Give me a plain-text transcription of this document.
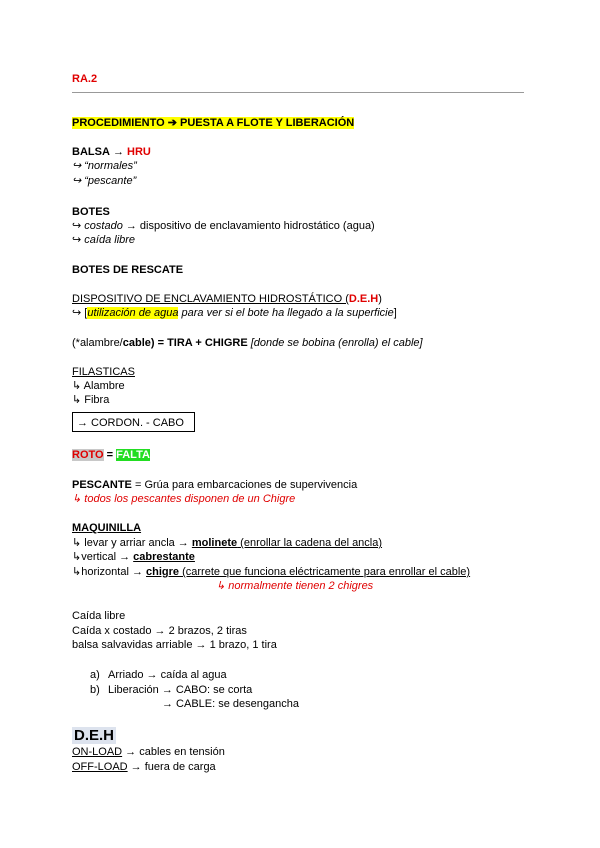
RA.2
PROCEDIMIENTO ➔ PUESTA A FLOTE Y LIBERACIÓN
BALSA → HRU
↪ “normales”
↪ “pescante”
BOTES
↪ costado → dispositivo de enclavamiento hidrostático (agua)
↪ caída libre
BOTES DE RESCATE
DISPOSITIVO DE ENCLAVAMIENTO HIDROSTÁTICO (D.E.H)
↪ [utilización de agua para ver si el bote ha llegado a la superficie]
(*alambre/cable) = TIRA + CHIGRE [donde se bobina (enrolla) el cable]
FILASTICAS
↳ Alambre
↳ Fibra
→ CORDON. - CABO
ROTO = FALTA
PESCANTE = Grúa para embarcaciones de supervivencia
↳ todos los pescantes disponen de un Chigre
MAQUINILLA
↳ levar y arriar ancla → molinete (enrollar la cadena del ancla)
↳vertical → cabrestante
↳horizontal → chigre (carrete que funciona eléctricamente para enrollar el cable)
↳ normalmente tienen 2 chigres
Caída libre
Caída x costado → 2 brazos, 2 tiras
balsa salvavidas arriable → 1 brazo, 1 tira
a) Arriado → caída al agua
b) Liberación → CABO: se corta
→ CABLE: se desengancha
D.E.H
ON-LOAD → cables en tensión
OFF-LOAD → fuera de carga
